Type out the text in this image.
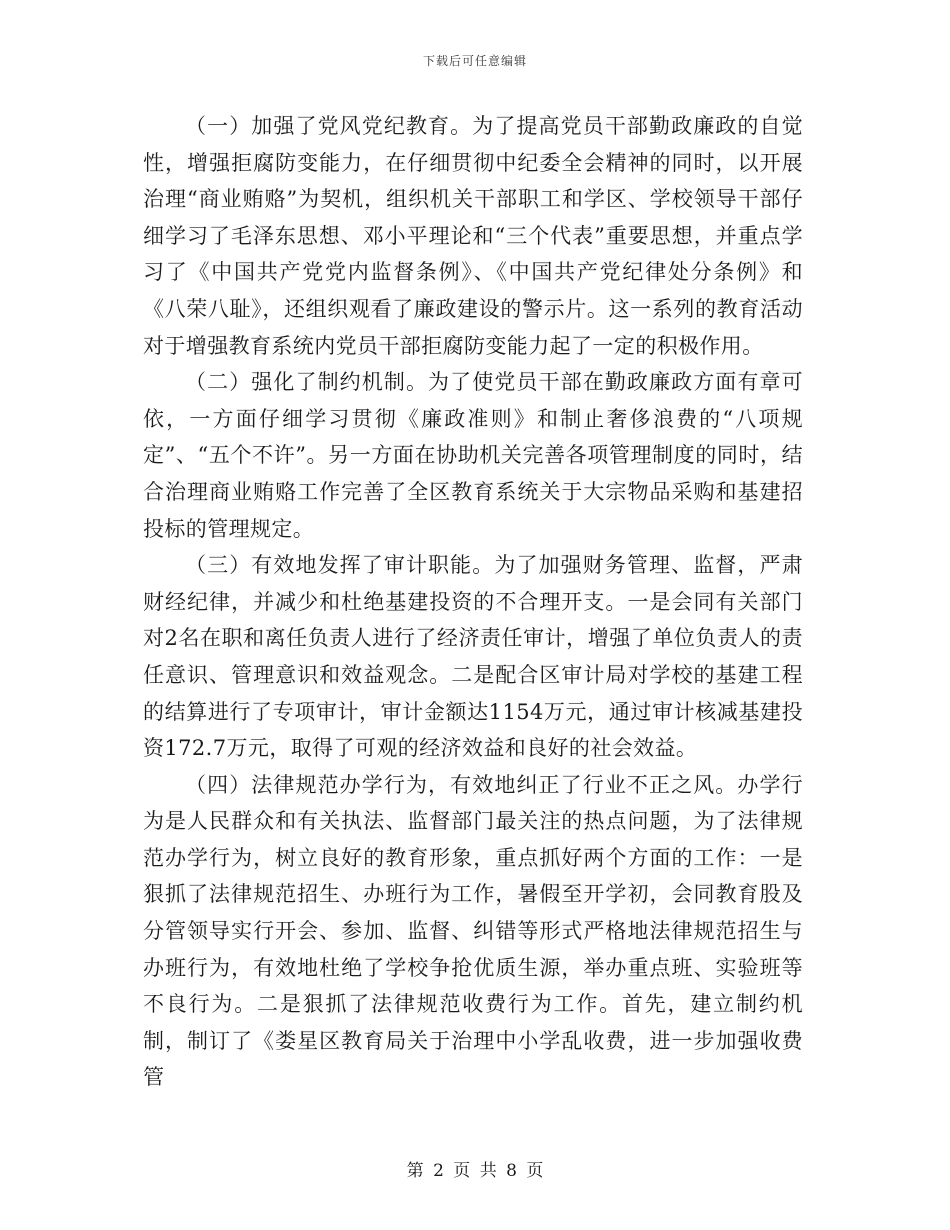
下载后可任意编辑

（一）加强了党风党纪教育。为了提高党员干部勤政廉政的自觉性，增强拒腐防变能力，在仔细贯彻中纪委全会精神的同时，以开展治理“商业贿赂”为契机，组织机关干部职工和学区、学校领导干部仔细学习了毛泽东思想、邓小平理论和“三个代表”重要思想，并重点学习了《中国共产党党内监督条例》、《中国共产党纪律处分条例》和《八荣八耻》，还组织观看了廉政建设的警示片。这一系列的教育活动对于增强教育系统内党员干部拒腐防变能力起了一定的积极作用。

（二）强化了制约机制。为了使党员干部在勤政廉政方面有章可依，一方面仔细学习贯彻《廉政准则》和制止奢侈浪费的“八项规定”、“五个不许”。另一方面在协助机关完善各项管理制度的同时，结合治理商业贿赂工作完善了全区教育系统关于大宗物品采购和基建招投标的管理规定。

（三）有效地发挥了审计职能。为了加强财务管理、监督，严肃财经纪律，并减少和杜绝基建投资的不合理开支。一是会同有关部门对2名在职和离任负责人进行了经济责任审计，增强了单位负责人的责任意识、管理意识和效益观念。二是配合区审计局对学校的基建工程的结算进行了专项审计，审计金额达1154万元，通过审计核减基建投资172.7万元，取得了可观的经济效益和良好的社会效益。

（四）法律规范办学行为，有效地纠正了行业不正之风。办学行为是人民群众和有关执法、监督部门最关注的热点问题，为了法律规范办学行为，树立良好的教育形象，重点抓好两个方面的工作：一是狠抓了法律规范招生、办班行为工作，暑假至开学初，会同教育股及分管领导实行开会、参加、监督、纠错等形式严格地法律规范招生与办班行为，有效地杜绝了学校争抢优质生源，举办重点班、实验班等不良行为。二是狠抓了法律规范收费行为工作。首先，建立制约机制，制订了《娄星区教育局关于治理中小学乱收费，进一步加强收费管

第 2 页 共 8 页
